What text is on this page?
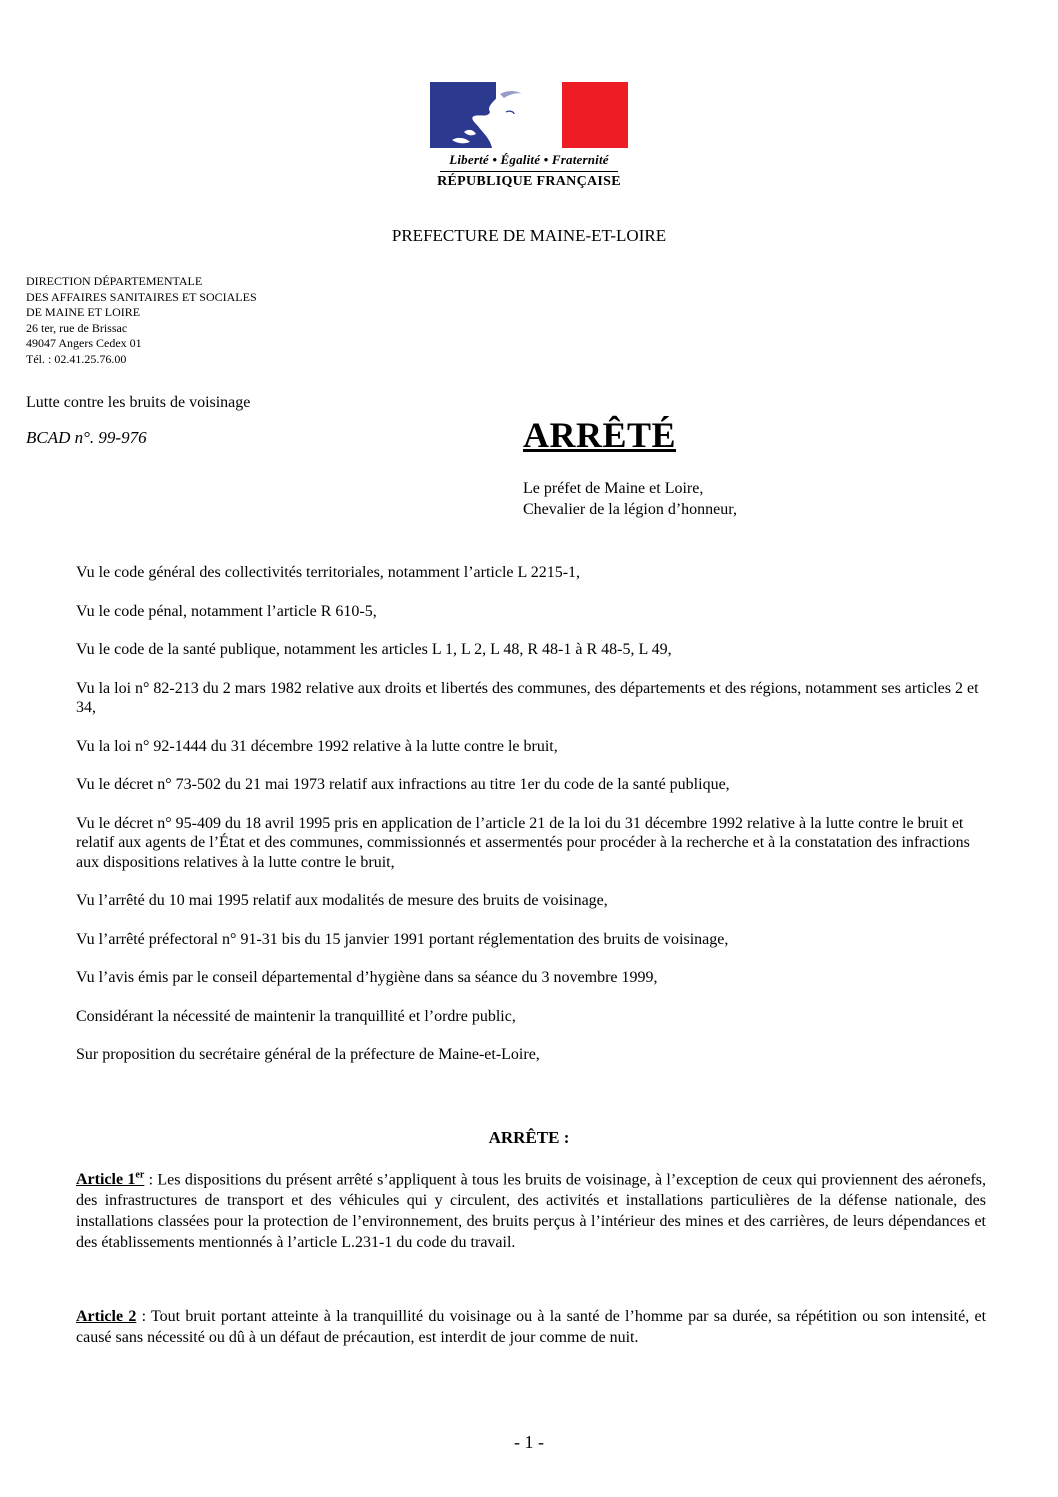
Liberté • Égalité • Fraternité
RÉPUBLIQUE FRANÇAISE
PREFECTURE DE MAINE-ET-LOIRE
DIRECTION DÉPARTEMENTALE
DES AFFAIRES SANITAIRES ET SOCIALES
DE MAINE ET LOIRE
26 ter, rue de Brissac
49047 Angers Cedex 01
Tél. : 02.41.25.76.00
Lutte contre les bruits de voisinage
BCAD n°. 99-976	ARRÊTÉ
Le préfet de Maine et Loire,
Chevalier de la légion d’honneur,

Vu le code général des collectivités territoriales, notamment l’article L 2215-1,

Vu le code pénal, notamment l’article R 610-5,

Vu le code de la santé publique, notamment les articles L 1, L 2, L 48, R 48-1 à R 48-5, L 49,

Vu la loi n° 82-213 du 2 mars 1982 relative aux droits et libertés des communes, des départements et des régions, notamment ses articles 2 et 34,

Vu la loi n° 92-1444 du 31 décembre 1992 relative à la lutte contre le bruit,

Vu le décret n° 73-502 du 21 mai 1973 relatif aux infractions au titre 1er du code de la santé publique,

Vu le décret n° 95-409 du 18 avril 1995 pris en application de l’article 21 de la loi du 31 décembre 1992 relative à la lutte contre le bruit et relatif aux agents de l’État et des communes, commissionnés et assermentés pour procéder à la recherche et à la constatation des infractions aux dispositions relatives à la lutte contre le bruit,

Vu l’arrêté du 10 mai 1995 relatif aux modalités de mesure des bruits de voisinage,

Vu l’arrêté préfectoral n° 91-31 bis du 15 janvier 1991 portant réglementation des bruits de voisinage,

Vu l’avis émis par le conseil départemental d’hygiène dans sa séance du 3 novembre 1999,

Considérant la nécessité de maintenir la tranquillité et l’ordre public,

Sur proposition du secrétaire général de la préfecture de Maine-et-Loire,

ARRÊTE :
Article 1er : Les dispositions du présent arrêté s’appliquent à tous les bruits de voisinage, à l’exception de ceux qui proviennent des aéronefs, des infrastructures de transport et des véhicules qui y circulent, des activités et installations particulières de la défense nationale, des installations classées pour la protection de l’environnement, des bruits perçus à l’intérieur des mines et des carrières, de leurs dépendances et des établissements mentionnés à l’article L.231-1 du code du travail.
Article 2 : Tout bruit portant atteinte à la tranquillité du voisinage ou à la santé de l’homme par sa durée, sa répétition ou son intensité, et causé sans nécessité ou dû à un défaut de précaution, est interdit de jour comme de nuit.
- 1 -
